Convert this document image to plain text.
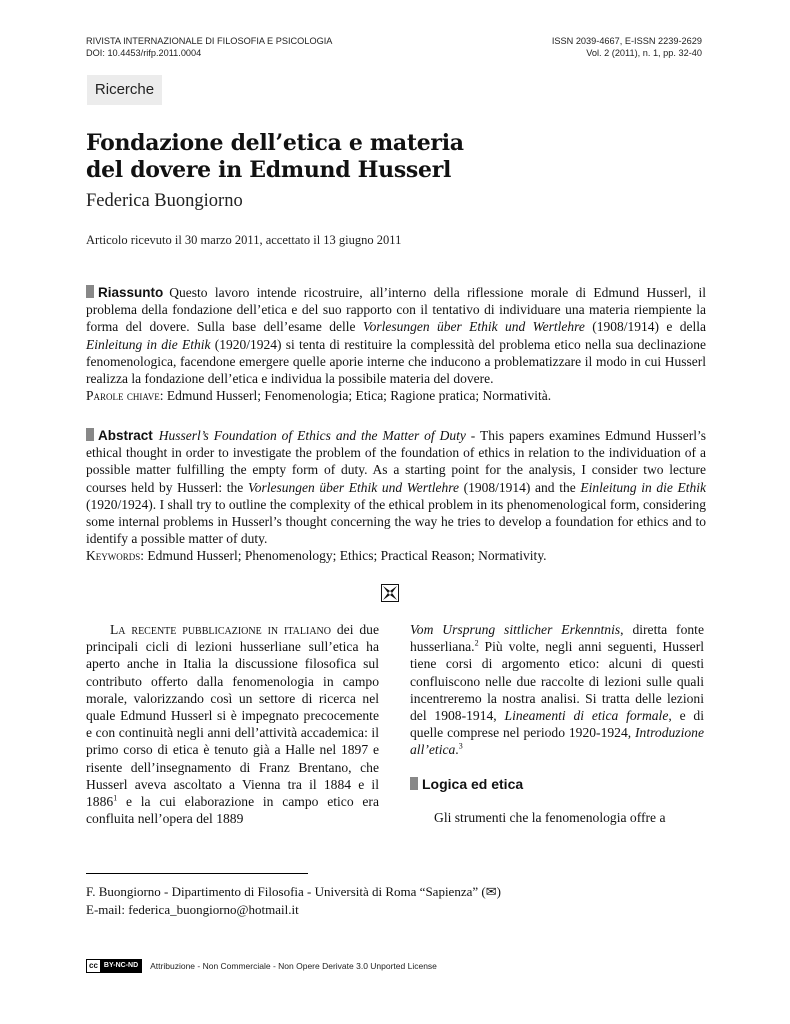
RIVISTA INTERNAZIONALE DI FILOSOFIA E PSICOLOGIA
DOI: 10.4453/rifp.2011.0004
ISSN 2039-4667, E-ISSN 2239-2629
Vol. 2 (2011), n. 1, pp. 32-40
Ricerche
Fondazione dell’etica e materia
del dovere in Edmund Husserl
Federica Buongiorno
Articolo ricevuto il 30 marzo 2011, accettato il 13 giugno 2011

Riassunto Questo lavoro intende ricostruire, all’interno della riflessione morale di Edmund Husserl, il problema della fondazione dell’etica e del suo rapporto con il tentativo di individuare una materia riempiente la forma del dovere. Sulla base dell’esame delle Vorlesungen über Ethik und Wertlehre (1908/1914) e della Einleitung in die Ethik (1920/1924) si tenta di restituire la complessità del problema etico nella sua declinazione fenomenologica, facendone emergere quelle aporie interne che inducono a problematizzare il modo in cui Husserl realizza la fondazione dell’etica e individua la possibile materia del dovere.

Parole chiave: Edmund Husserl; Fenomenologia; Etica; Ragione pratica; Normatività.

Abstract Husserl’s Foundation of Ethics and the Matter of Duty - This papers examines Edmund Husserl’s ethical thought in order to investigate the problem of the foundation of ethics in relation to the individuation of a possible matter fulfilling the empty form of duty. As a starting point for the analysis, I consider two lecture courses held by Husserl: the Vorlesungen über Ethik und Wertlehre (1908/1914) and the Einleitung in die Ethik (1920/1924). I shall try to outline the complexity of the ethical problem in its phenomenological form, considering some internal problems in Husserl’s thought concerning the way he tries to develop a foundation for ethics and to identify a possible matter of duty.

Keywords: Edmund Husserl; Phenomenology; Ethics; Practical Reason; Normativity.

La recente pubblicazione in italiano dei due principali cicli di lezioni husserliane sull’etica ha aperto anche in Italia la discussione filosofica sul contributo offerto dalla fenomenologia in campo morale, valorizzando così un settore di ricerca nel quale Edmund Husserl si è impegnato precocemente e con continuità negli anni dell’attività accademica: il primo corso di etica è tenuto già a Halle nel 1897 e risente dell’insegnamento di Franz Brentano, che Husserl aveva ascoltato a Vienna tra il 1884 e il 1886$^1$ e la cui elaborazione in campo etico era confluita nell’opera del 1889

Vom Ursprung sittlicher Erkenntnis, diretta fonte husserliana.$^2$ Più volte, negli anni seguenti, Husserl tiene corsi di argomento etico: alcuni di questi confluiscono nelle due raccolte di lezioni sulle quali incentreremo la nostra analisi. Si tratta delle lezioni del 1908-1914, Lineamenti di etica formale, e di quelle comprese nel periodo 1920-1924, Introduzione all’etica.$^3$

Logica ed etica

Gli strumenti che la fenomenologia offre a

F. Buongiorno - Dipartimento di Filosofia - Università di Roma “Sapienza” (✉)
E-mail: federica_buongiorno@hotmail.it
cc BY-NC-ND	Attribuzione - Non Commerciale - Non Opere Derivate 3.0 Unported License
